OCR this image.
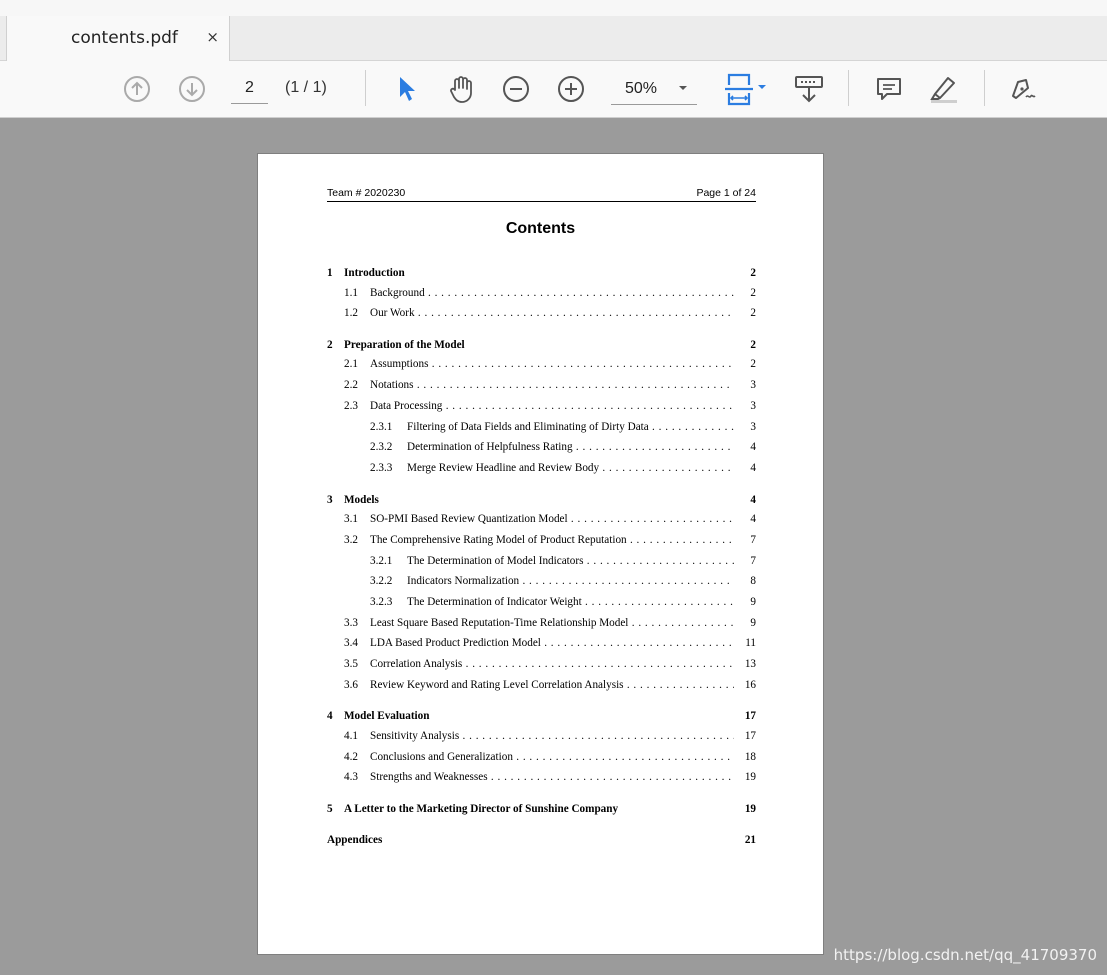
contents.pdf ×
2
(1 / 1)	50%
Team # 2020230	Page 1 of 24
Contents
1 Introduction	2
1.1 Background . . .	2
1.2 Our Work . . .	2
2 Preparation of the Model	2
2.1 Assumptions . . .	2
2.2 Notations . . .	3
2.3 Data Processing . . .	3
2.3.1 Filtering of Data Fields and Eliminating of Dirty Data . . .	3
2.3.2 Determination of Helpfulness Rating . . .	4
2.3.3 Merge Review Headline and Review Body . . .	4
3 Models	4
3.1 SO-PMI Based Review Quantization Model . . .	4
3.2 The Comprehensive Rating Model of Product Reputation . . .	7
3.2.1 The Determination of Model Indicators . . .	7
3.2.2 Indicators Normalization . . .	8
3.2.3 The Determination of Indicator Weight . . .	9
3.3 Least Square Based Reputation-Time Relationship Model . . .	9
3.4 LDA Based Product Prediction Model . . .	11
3.5 Correlation Analysis . . .	13
3.6 Review Keyword and Rating Level Correlation Analysis . . .	16
4 Model Evaluation	17
4.1 Sensitivity Analysis . . .	17
4.2 Conclusions and Generalization . . .	18
4.3 Strengths and Weaknesses . . .	19
5 A Letter to the Marketing Director of Sunshine Company	19
Appendices	21
https://blog.csdn.net/qq_41709370
